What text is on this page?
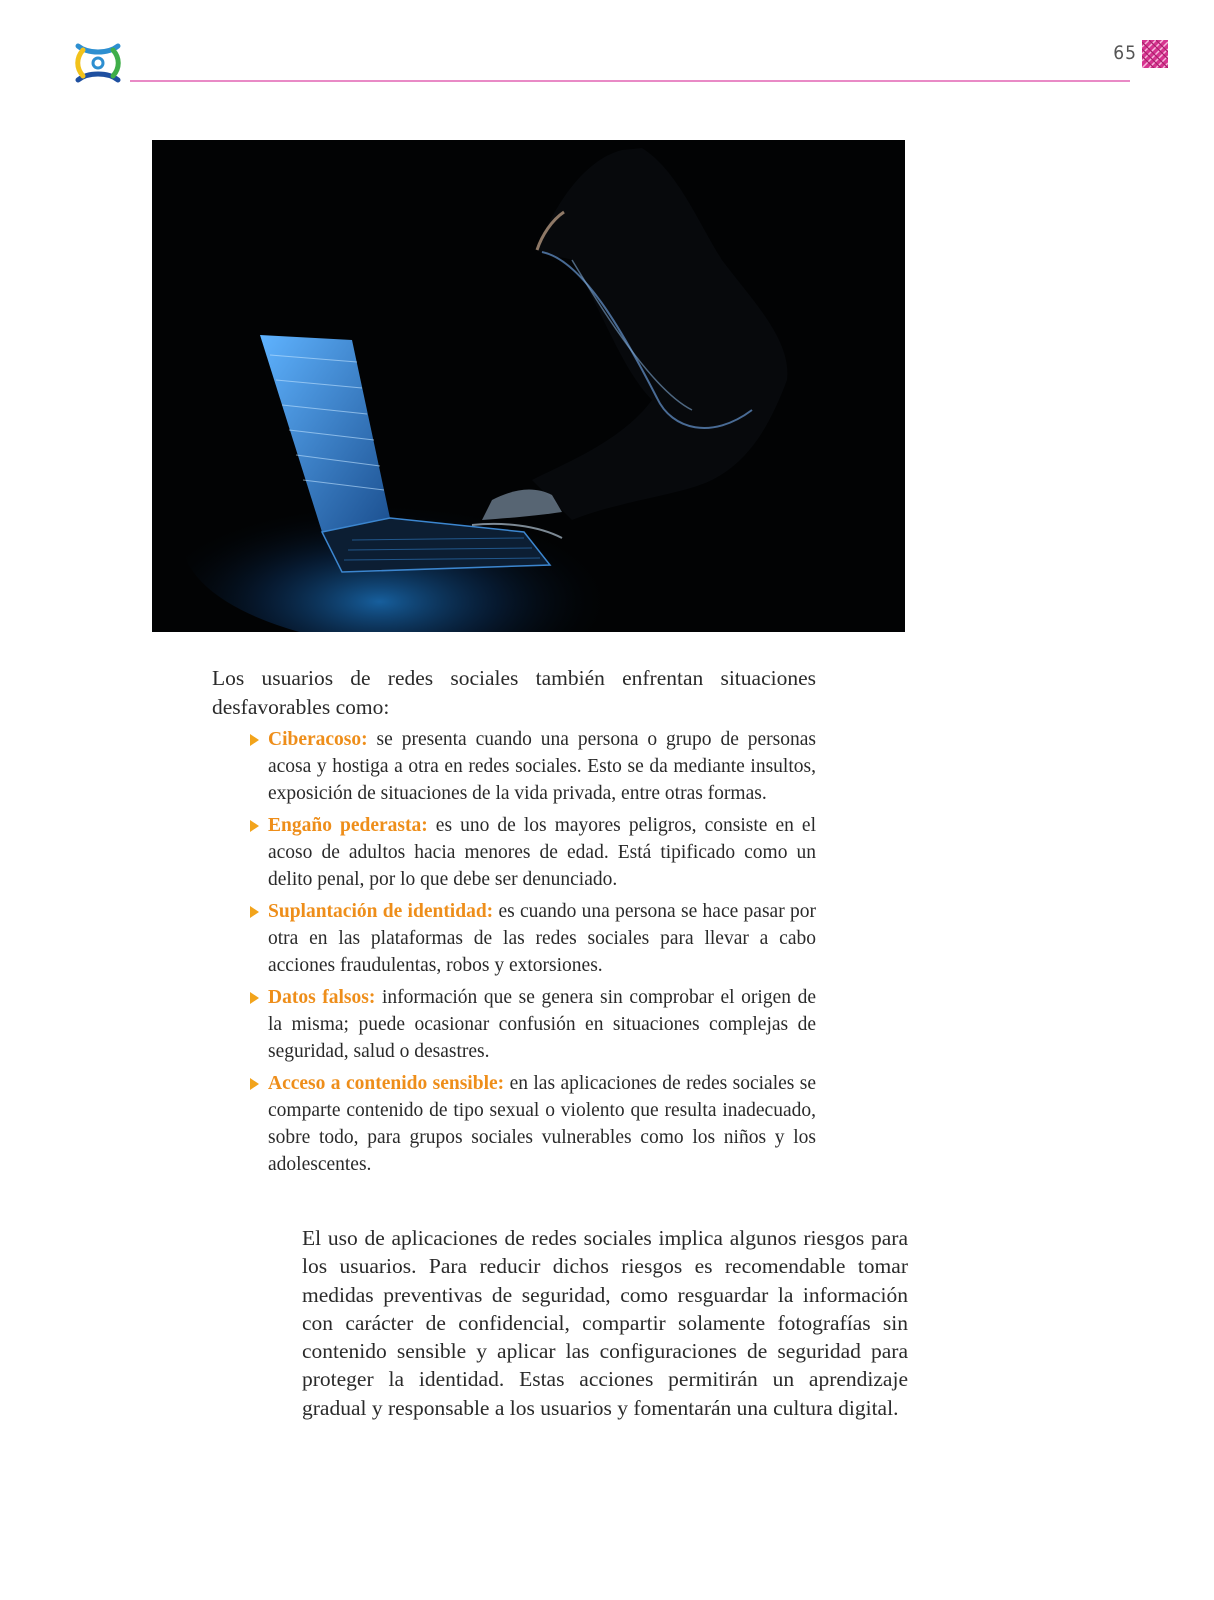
65

Los usuarios de redes sociales también enfrentan situaciones desfavorables como:

Ciberacoso: se presenta cuando una persona o grupo de personas acosa y hostiga a otra en redes sociales. Esto se da mediante insultos, exposición de situaciones de la vida privada, entre otras formas.
Engaño pederasta: es uno de los mayores peligros, consiste en el acoso de adultos hacia menores de edad. Está tipificado como un delito penal, por lo que debe ser denunciado.
Suplantación de identidad: es cuando una persona se hace pasar por otra en las plataformas de las redes sociales para llevar a cabo acciones fraudulentas, robos y extorsiones.
Datos falsos: información que se genera sin comprobar el origen de la misma; puede ocasionar confusión en situaciones complejas de seguridad, salud o desastres.
Acceso a contenido sensible: en las aplicaciones de redes sociales se comparte contenido de tipo sexual o violento que resulta inadecuado, sobre todo, para grupos sociales vulnerables como los niños y los adolescentes.

El uso de aplicaciones de redes sociales implica algunos riesgos para los usuarios. Para reducir dichos riesgos es recomendable tomar medidas preventivas de seguridad, como resguardar la información con carácter de confidencial, compartir solamente fotografías sin contenido sensible y aplicar las configuraciones de seguridad para proteger la identidad. Estas acciones permitirán un aprendizaje gradual y responsable a los usuarios y fomentarán una cultura digital.
